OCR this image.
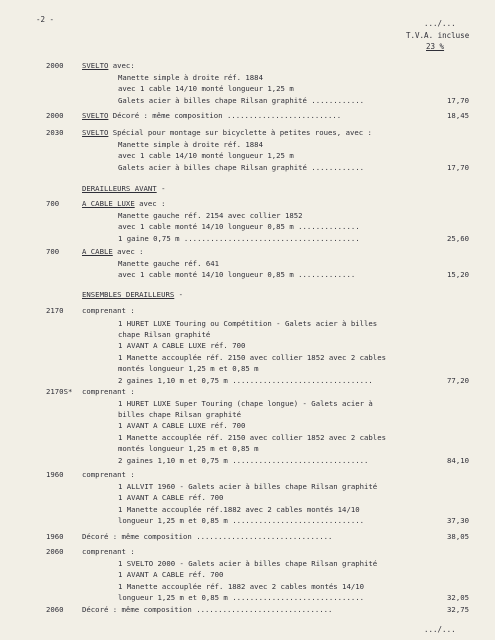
-2 -	.../...
T.V.A. incluse
23 %
2000	SVELTO avec:
Manette simple à droite réf. 1884
avec 1 cable 14/10 monté longueur 1,25 m
Galets acier à billes chape Rilsan graphité ............	17,70
2000	SVELTO Décoré : même composition ..........................	18,45
2030	SVELTO Spécial pour montage sur bicyclette à petites roues, avec :
Manette simple à droite réf. 1884
avec 1 cable 14/10 monté longueur 1,25 m
Galets acier à billes chape Rilsan graphité ............	17,70
DERAILLEURS AVANT -
700	A CABLE LUXE avec :
Manette gauche réf. 2154 avec collier 1852
avec 1 cable monté 14/10 longueur 0,85 m ..............
1 gaine 0,75 m ........................................	25,60
700	A CABLE avec :
Manette gauche réf. 641
avec 1 cable monté 14/10 longueur 0,85 m .............	15,20
ENSEMBLES DERAILLEURS -
2170	comprenant :
1 HURET LUXE Touring ou Compétition - Galets acier à billes
chape Rilsan graphité
1 AVANT A CABLE LUXE réf. 700
1 Manette accouplée réf. 2150 avec collier 1852 avec 2 cables
montés longueur 1,25 m et 0,85 m
2 gaines 1,10 m et 0,75 m ................................	77,20
2170S* comprenant :
1 HURET LUXE Super Touring (chape longue) - Galets acier à
billes chape Rilsan graphité
1 AVANT A CABLE LUXE réf. 700
1 Manette accouplée réf. 2150 avec collier 1852 avec 2 cables
montés longueur 1,25 m et 0,85 m
2 gaines 1,10 m et 0,75 m ...............................	84,10
1960	comprenant :
1 ALLVIT 1960 - Galets acier à billes chape Rilsan graphité
1 AVANT A CABLE réf. 700
1 Manette accouplée réf.1882 avec 2 cables montés 14/10
longueur 1,25 m et 0,85 m ..............................	37,30
1960	Décoré : même composition ...............................	38,05
2060	comprenant :
1 SVELTO 2000 - Galets acier à billes chape Rilsan graphité
1 AVANT A CABLE réf. 700
1 Manette accouplée réf. 1882 avec 2 cables montés 14/10
longueur 1,25 m et 0,85 m ..............................	32,05
2060	Décoré : même composition ...............................	32,75
.../...
